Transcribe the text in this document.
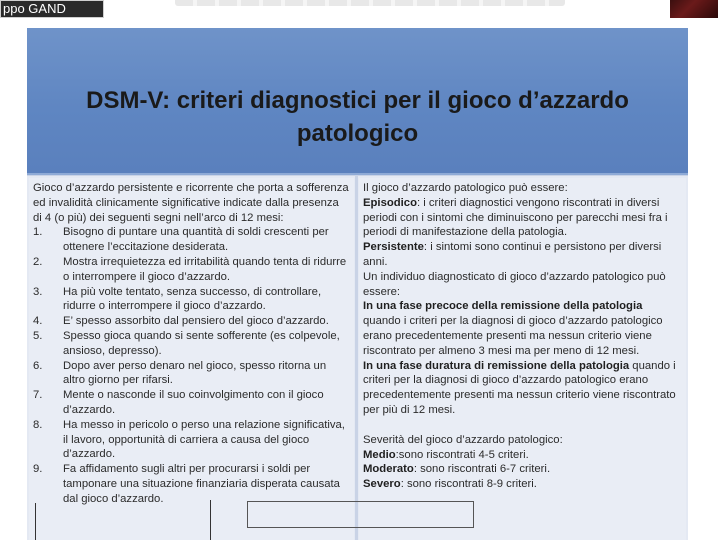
ppo GAND
DSM-V: criteri diagnostici per il gioco d’azzardo patologico
Gioco d’azzardo persistente e ricorrente che porta a sofferenza ed invalidità clinicamente significative indicate dalla presenza di 4 (o più) dei seguenti segni nell’arco di 12 mesi:
1.	Bisogno di puntare una quantità di soldi crescenti per ottenere l’eccitazione desiderata.
2.	Mostra irrequietezza ed irritabilità quando tenta di ridurre o interrompere il gioco d’azzardo.
3.	Ha più volte tentato, senza successo, di controllare, ridurre o interrompere il gioco d’azzardo.
4.	E’ spesso assorbito dal pensiero del gioco d’azzardo.
5.	Spesso gioca quando si sente sofferente (es colpevole, ansioso, depresso).
6.	Dopo aver perso denaro nel gioco, spesso ritorna un altro giorno per rifarsi.
7.	Mente o nasconde il suo coinvolgimento con il gioco d’azzardo.
8.	Ha messo in pericolo o perso una relazione significativa, il lavoro, opportunità di carriera a causa del gioco d’azzardo.
9.	Fa affidamento sugli altri per procurarsi i soldi per tamponare una situazione finanziaria disperata causata dal gioco d’azzardo.
Il gioco d’azzardo patologico può essere:
Episodico: i criteri diagnostici vengono riscontrati in diversi periodi con i sintomi che diminuiscono per parecchi mesi fra i periodi di manifestazione della patologia.
Persistente: i sintomi sono continui e persistono per diversi anni.
Un individuo diagnosticato di gioco d’azzardo patologico può essere:
In una fase precoce della remissione della patologia quando i criteri per la diagnosi di gioco d’azzardo patologico erano precedentemente presenti ma nessun criterio viene riscontrato per almeno 3 mesi ma per meno di 12 mesi.
In una fase duratura di remissione della patologia quando i criteri per la diagnosi di gioco d’azzardo patologico erano precedentemente presenti ma nessun criterio viene riscontrato per più di 12 mesi.
Severità del gioco d’azzardo patologico:
Medio:sono riscontrati 4-5 criteri.
Moderato: sono riscontrati 6-7 criteri.
Severo: sono riscontrati 8-9 criteri.
